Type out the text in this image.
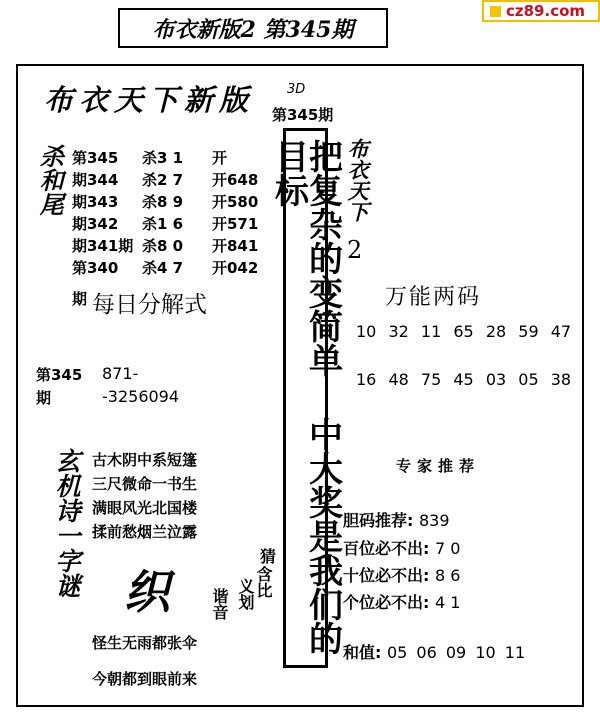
布衣新版2 第345期
cz89.com
布衣天下新版	3D
第345期
杀和尾 第345	杀3 1	开
期344	杀2 7	开648
期343	杀8 9	开580
期342	杀1 6	开571
期341期 杀8 0	开841
第340	杀4 7	开042
期 每日分解式
第345 871-
期	-3256094
玄机诗一字谜 古木阴中系短篷
三尺微命一书生
满眼风光北国楼
揉前愁烟兰泣露
织
猜
含比
义划
谐音
怪生无雨都张伞
今朝都到眼前来
把复杂的变简单 中大奖是我们的目标	布衣天下
2
万能两码
10 32 11 65 28 59 47
16 48 75 45 03 05 38
专家推荐
胆码推荐: 839
百位必不出: 7 0
十位必不出: 8 6
个位必不出: 4 1
和值: 05 06 09 10 11
